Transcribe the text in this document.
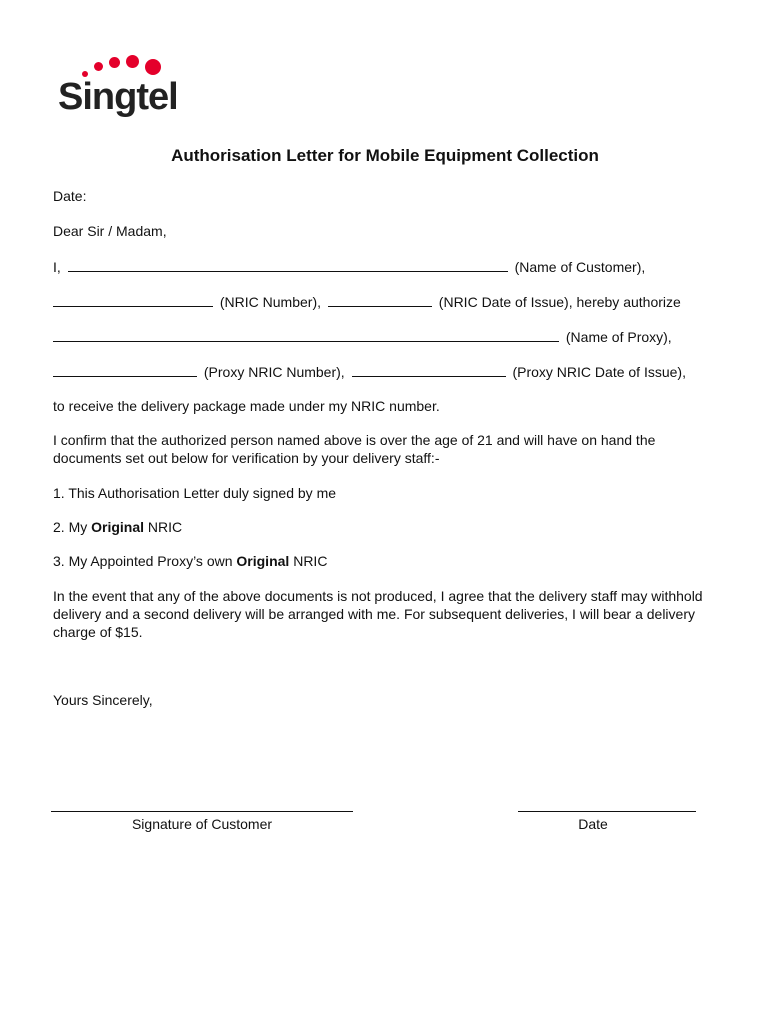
Singtel
Authorisation Letter for Mobile Equipment Collection
Date:
Dear Sir / Madam,
I,	(Name of Customer),
(NRIC Number),	(NRIC Date of Issue), hereby authorize
(Name of Proxy),
(Proxy NRIC Number),	(Proxy NRIC Date of Issue),
to receive the delivery package made under my NRIC number.
I confirm that the authorized person named above is over the age of 21 and will have on hand the documents set out below for verification by your delivery staff:-
1. This Authorisation Letter duly signed by me
2. My Original NRIC
3. My Appointed Proxy’s own Original NRIC
In the event that any of the above documents is not produced, I agree that the delivery staff may withhold delivery and a second delivery will be arranged with me. For subsequent deliveries, I will bear a delivery charge of $15.
Yours Sincerely,
Signature of Customer	Date
